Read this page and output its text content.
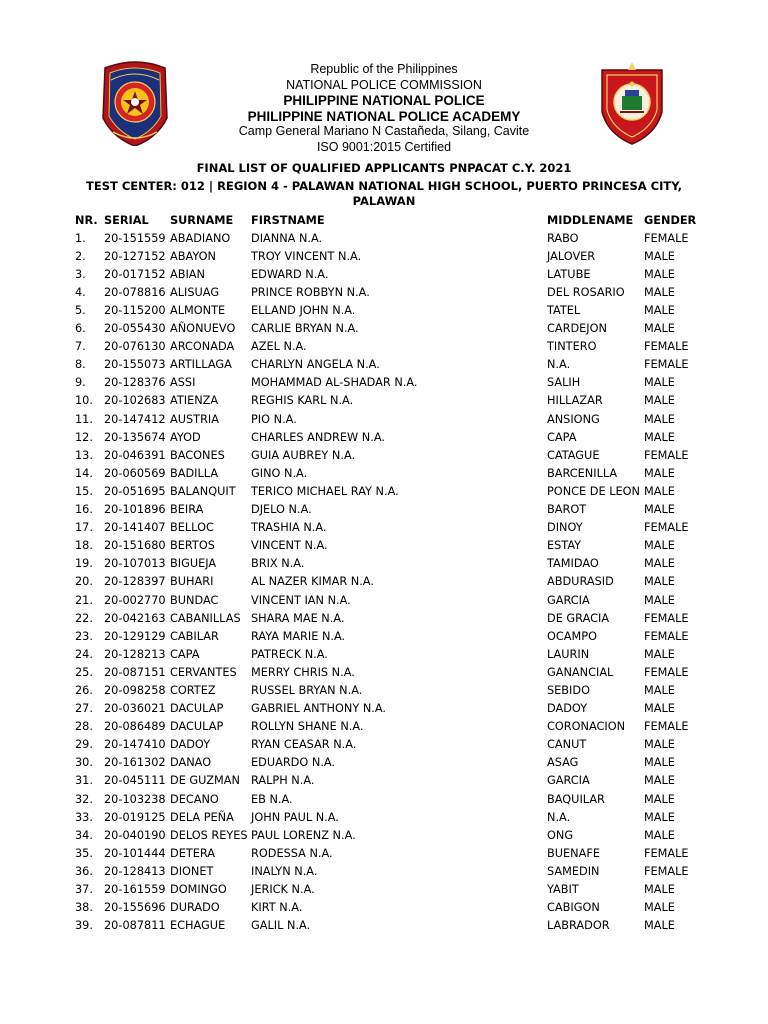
Republic of the Philippines
NATIONAL POLICE COMMISSION
PHILIPPINE NATIONAL POLICE
PHILIPPINE NATIONAL POLICE ACADEMY
Camp General Mariano N Castañeda, Silang, Cavite
ISO 9001:2015 Certified
FINAL LIST OF QUALIFIED APPLICANTS PNPACAT C.Y. 2021
TEST CENTER: 012 | REGION 4 - PALAWAN NATIONAL HIGH SCHOOL, PUERTO PRINCESA CITY,
PALAWAN
NR.	SERIAL	SURNAME	FIRSTNAME	MIDDLENAME	GENDER
1.	20-151559	ABADIANO	DIANNA N.A.	RABO	FEMALE
2.	20-127152	ABAYON	TROY VINCENT N.A.	JALOVER	MALE
3.	20-017152	ABIAN	EDWARD N.A.	LATUBE	MALE
4.	20-078816	ALISUAG	PRINCE ROBBYN N.A.	DEL ROSARIO	MALE
5.	20-115200	ALMONTE	ELLAND JOHN N.A.	TATEL	MALE
6.	20-055430	AÑONUEVO	CARLIE BRYAN N.A.	CARDEJON	MALE
7.	20-076130	ARCONADA	AZEL N.A.	TINTERO	FEMALE
8.	20-155073	ARTILLAGA	CHARLYN ANGELA N.A.	N.A.	FEMALE
9.	20-128376	ASSI	MOHAMMAD AL-SHADAR N.A.	SALIH	MALE
10.	20-102683	ATIENZA	REGHIS KARL N.A.	HILLAZAR	MALE
11.	20-147412	AUSTRIA	PIO N.A.	ANSIONG	MALE
12.	20-135674	AYOD	CHARLES ANDREW N.A.	CAPA	MALE
13.	20-046391	BACONES	GUIA AUBREY N.A.	CATAGUE	FEMALE
14.	20-060569	BADILLA	GINO N.A.	BARCENILLA	MALE
15.	20-051695	BALANQUIT	TERICO MICHAEL RAY N.A.	PONCE DE LEON	MALE
16.	20-101896	BEIRA	DJELO N.A.	BAROT	MALE
17.	20-141407	BELLOC	TRASHIA N.A.	DINOY	FEMALE
18.	20-151680	BERTOS	VINCENT N.A.	ESTAY	MALE
19.	20-107013	BIGUEJA	BRIX N.A.	TAMIDAO	MALE
20.	20-128397	BUHARI	AL NAZER KIMAR N.A.	ABDURASID	MALE
21.	20-002770	BUNDAC	VINCENT IAN N.A.	GARCIA	MALE
22.	20-042163	CABANILLAS	SHARA MAE N.A.	DE GRACIA	FEMALE
23.	20-129129	CABILAR	RAYA MARIE N.A.	OCAMPO	FEMALE
24.	20-128213	CAPA	PATRECK N.A.	LAURIN	MALE
25.	20-087151	CERVANTES	MERRY CHRIS N.A.	GANANCIAL	FEMALE
26.	20-098258	CORTEZ	RUSSEL BRYAN N.A.	SEBIDO	MALE
27.	20-036021	DACULAP	GABRIEL ANTHONY N.A.	DADOY	MALE
28.	20-086489	DACULAP	ROLLYN SHANE N.A.	CORONACION	FEMALE
29.	20-147410	DADOY	RYAN CEASAR N.A.	CANUT	MALE
30.	20-161302	DANAO	EDUARDO N.A.	ASAG	MALE
31.	20-045111	DE GUZMAN	RALPH N.A.	GARCIA	MALE
32.	20-103238	DECANO	EB N.A.	BAQUILAR	MALE
33.	20-019125	DELA PEÑA	JOHN PAUL N.A.	N.A.	MALE
34.	20-040190	DELOS REYES	PAUL LORENZ N.A.	ONG	MALE
35.	20-101444	DETERA	RODESSA N.A.	BUENAFE	FEMALE
36.	20-128413	DIONET	INALYN N.A.	SAMEDIN	FEMALE
37.	20-161559	DOMINGO	JERICK N.A.	YABIT	MALE
38.	20-155696	DURADO	KIRT N.A.	CABIGON	MALE
39.	20-087811	ECHAGUE	GALIL N.A.	LABRADOR	MALE
